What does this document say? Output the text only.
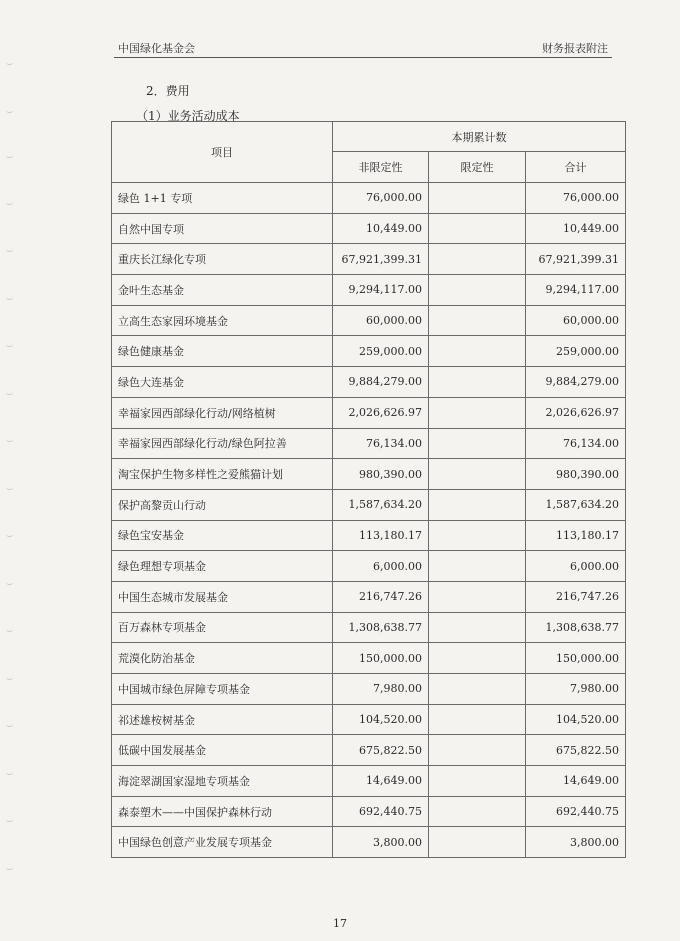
中国绿化基金会	财务报表附注
2．费用
（1）业务活动成本
项目	本期累计数		
	非限定性	限定性	合计
绿色 1+1 专项	76,000.00		76,000.00
自然中国专项	10,449.00		10,449.00
重庆长江绿化专项	67,921,399.31		67,921,399.31
金叶生态基金	9,294,117.00		9,294,117.00
立高生态家园环境基金	60,000.00		60,000.00
绿色健康基金	259,000.00		259,000.00
绿色大连基金	9,884,279.00		9,884,279.00
幸福家园西部绿化行动/网络植树	2,026,626.97		2,026,626.97
幸福家园西部绿化行动/绿色阿拉善	76,134.00		76,134.00
淘宝保护生物多样性之爱熊猫计划	980,390.00		980,390.00
保护高黎贡山行动	1,587,634.20		1,587,634.20
绿色宝安基金	113,180.17		113,180.17
绿色理想专项基金	6,000.00		6,000.00
中国生态城市发展基金	216,747.26		216,747.26
百万森林专项基金	1,308,638.77		1,308,638.77
荒漠化防治基金	150,000.00		150,000.00
中国城市绿色屏障专项基金	7,980.00		7,980.00
祁述雄桉树基金	104,520.00		104,520.00
低碳中国发展基金	675,822.50		675,822.50
海淀翠湖国家湿地专项基金	14,649.00		14,649.00
森泰塑木——中国保护森林行动	692,440.75		692,440.75
中国绿色创意产业发展专项基金	3,800.00		3,800.00
17
